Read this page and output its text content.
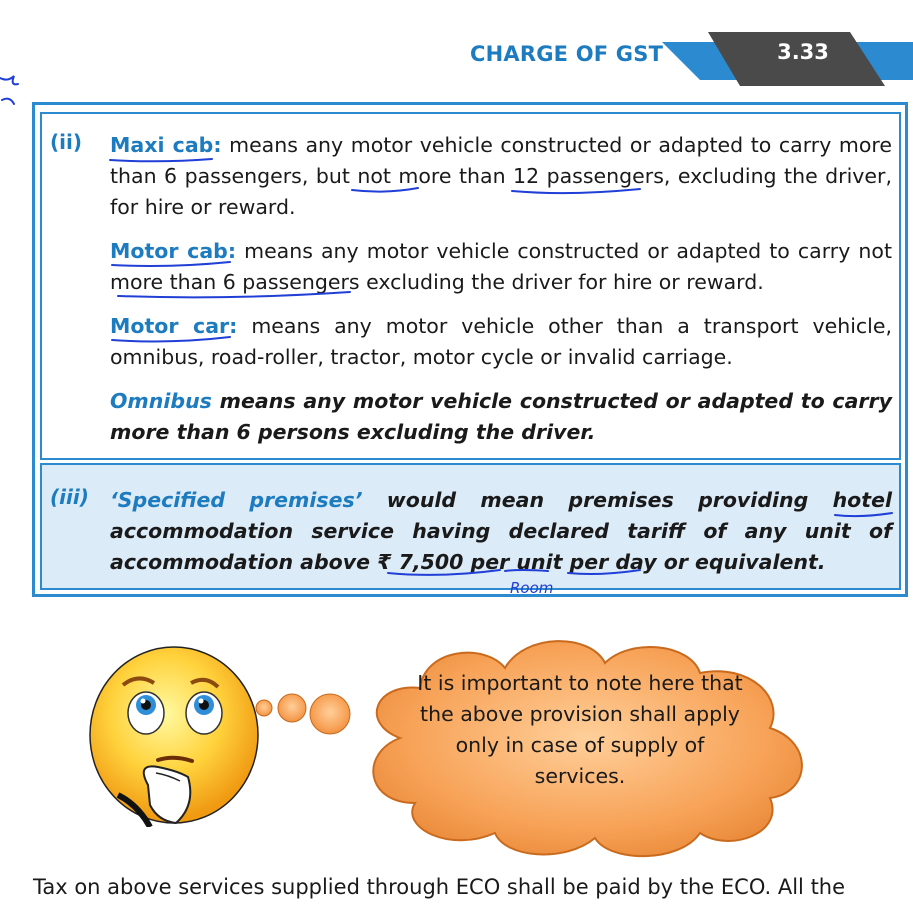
CHARGE OF GST	3.33
(ii) Maxi cab: means any motor vehicle constructed or adapted to carry more than 6 passengers, but not more than 12 passengers, excluding the driver, for hire or reward.

Motor cab: means any motor vehicle constructed or adapted to carry not more than 6 passengers excluding the driver for hire or reward.

Motor car: means any motor vehicle other than a transport vehicle, omnibus, road-roller, tractor, motor cycle or invalid carriage.

Omnibus means any motor vehicle constructed or adapted to carry more than 6 persons excluding the driver.

(iii) ‘Specified premises’ would mean premises providing hotel accommodation service having declared tariff of any unit of accommodation above ₹ 7,500 per unit per day or equivalent.

Room
It is important to note here that the above provision shall apply only in case of supply of services.
Tax on above services supplied through ECO shall be paid by the ECO. All the
